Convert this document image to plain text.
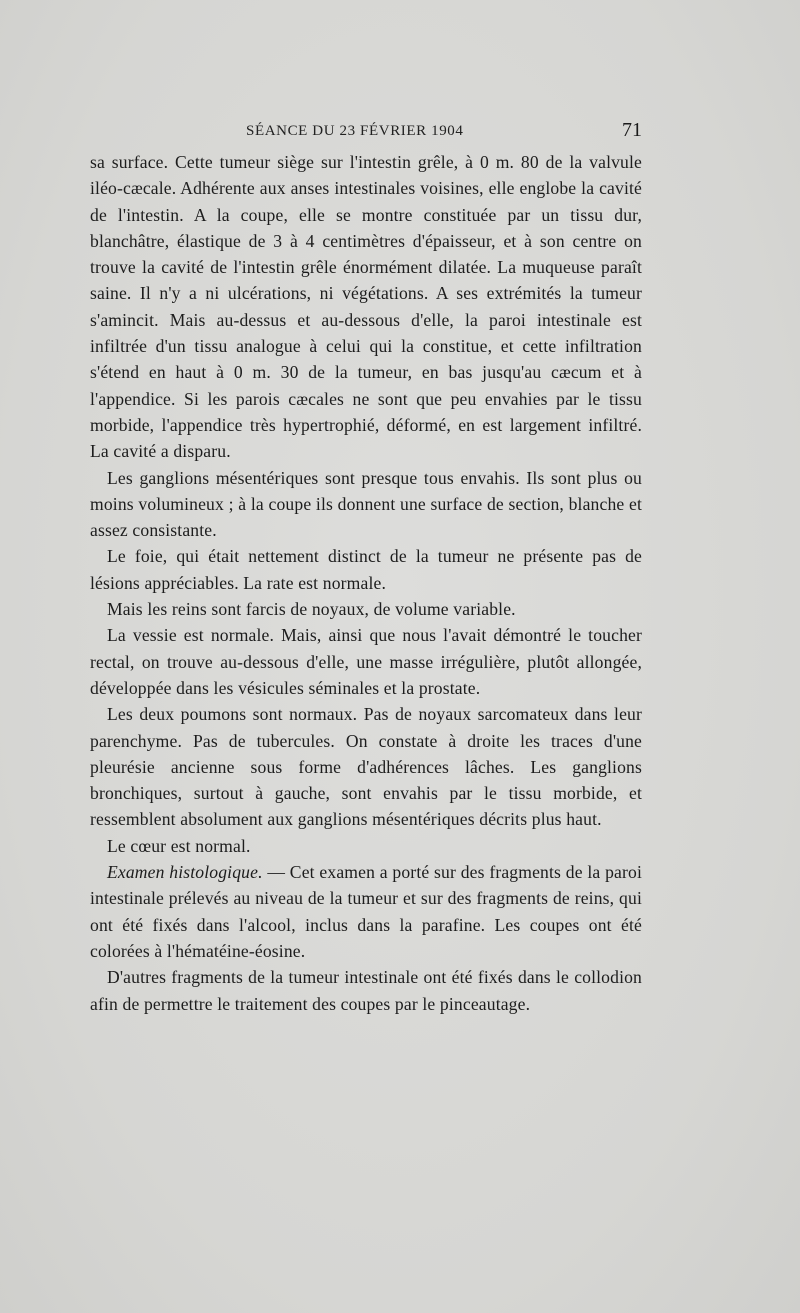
SÉANCE DU 23 FÉVRIER 1904	71

sa surface. Cette tumeur siège sur l'intestin grêle, à 0 m. 80 de la valvule iléo-cæcale. Adhérente aux anses intestinales voisines, elle englobe la cavité de l'intestin. A la coupe, elle se montre constituée par un tissu dur, blanchâtre, élastique de 3 à 4 centimètres d'épaisseur, et à son centre on trouve la cavité de l'intestin grêle énormément dilatée. La muqueuse paraît saine. Il n'y a ni ulcérations, ni végétations. A ses extrémités la tumeur s'amincit. Mais au-dessus et au-dessous d'elle, la paroi intestinale est infiltrée d'un tissu analogue à celui qui la constitue, et cette infiltration s'étend en haut à 0 m. 30 de la tumeur, en bas jusqu'au cæcum et à l'appendice. Si les parois cæcales ne sont que peu envahies par le tissu morbide, l'appendice très hypertrophié, déformé, en est largement infiltré. La cavité a disparu.

Les ganglions mésentériques sont presque tous envahis. Ils sont plus ou moins volumineux ; à la coupe ils donnent une surface de section, blanche et assez consistante.

Le foie, qui était nettement distinct de la tumeur ne présente pas de lésions appréciables. La rate est normale.

Mais les reins sont farcis de noyaux, de volume variable.

La vessie est normale. Mais, ainsi que nous l'avait démontré le toucher rectal, on trouve au-dessous d'elle, une masse irrégulière, plutôt allongée, développée dans les vésicules séminales et la prostate.

Les deux poumons sont normaux. Pas de noyaux sarcomateux dans leur parenchyme. Pas de tubercules. On constate à droite les traces d'une pleurésie ancienne sous forme d'adhérences lâches. Les ganglions bronchiques, surtout à gauche, sont envahis par le tissu morbide, et ressemblent absolument aux ganglions mésentériques décrits plus haut.

Le cœur est normal.

Examen histologique. — Cet examen a porté sur des fragments de la paroi intestinale prélevés au niveau de la tumeur et sur des fragments de reins, qui ont été fixés dans l'alcool, inclus dans la parafine. Les coupes ont été colorées à l'hématéine-éosine.

D'autres fragments de la tumeur intestinale ont été fixés dans le collodion afin de permettre le traitement des coupes par le pinceautage.
